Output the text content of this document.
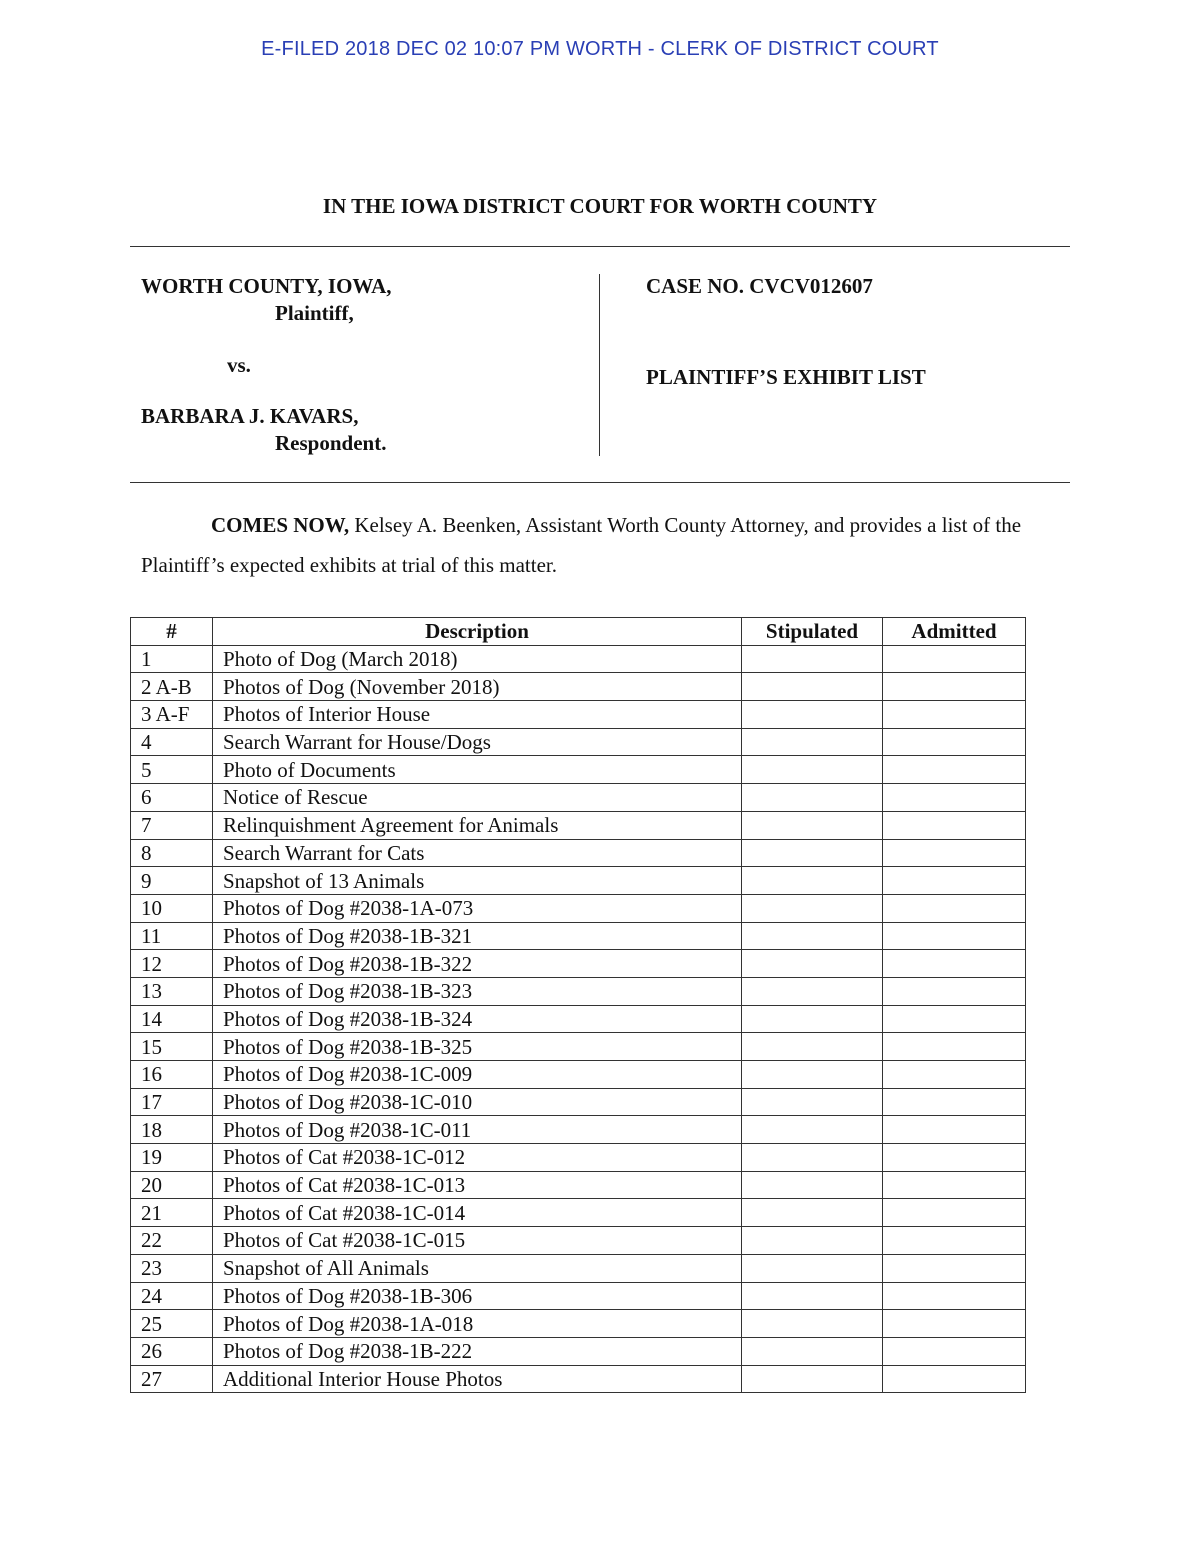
E-FILED 2018 DEC 02 10:07 PM WORTH - CLERK OF DISTRICT COURT
IN THE IOWA DISTRICT COURT FOR WORTH COUNTY
WORTH COUNTY, IOWA,
Plaintiff,
vs.
BARBARA J. KAVARS,
Respondent.
CASE NO. CVCV012607
PLAINTIFF’S EXHIBIT LIST
COMES NOW, Kelsey A. Beenken, Assistant Worth County Attorney, and provides a list of the Plaintiff’s expected exhibits at trial of this matter.
#	Description	Stipulated	Admitted
1	Photo of Dog (March 2018)		
2 A-B	Photos of Dog (November 2018)		
3 A-F	Photos of Interior House		
4	Search Warrant for House/Dogs		
5	Photo of Documents		
6	Notice of Rescue		
7	Relinquishment Agreement for Animals		
8	Search Warrant for Cats		
9	Snapshot of 13 Animals		
10	Photos of Dog #2038-1A-073		
11	Photos of Dog #2038-1B-321		
12	Photos of Dog #2038-1B-322		
13	Photos of Dog #2038-1B-323		
14	Photos of Dog #2038-1B-324		
15	Photos of Dog #2038-1B-325		
16	Photos of Dog #2038-1C-009		
17	Photos of Dog #2038-1C-010		
18	Photos of Dog #2038-1C-011		
19	Photos of Cat #2038-1C-012		
20	Photos of Cat #2038-1C-013		
21	Photos of Cat #2038-1C-014		
22	Photos of Cat #2038-1C-015		
23	Snapshot of All Animals		
24	Photos of Dog #2038-1B-306		
25	Photos of Dog #2038-1A-018		
26	Photos of Dog #2038-1B-222		
27	Additional Interior House Photos		
